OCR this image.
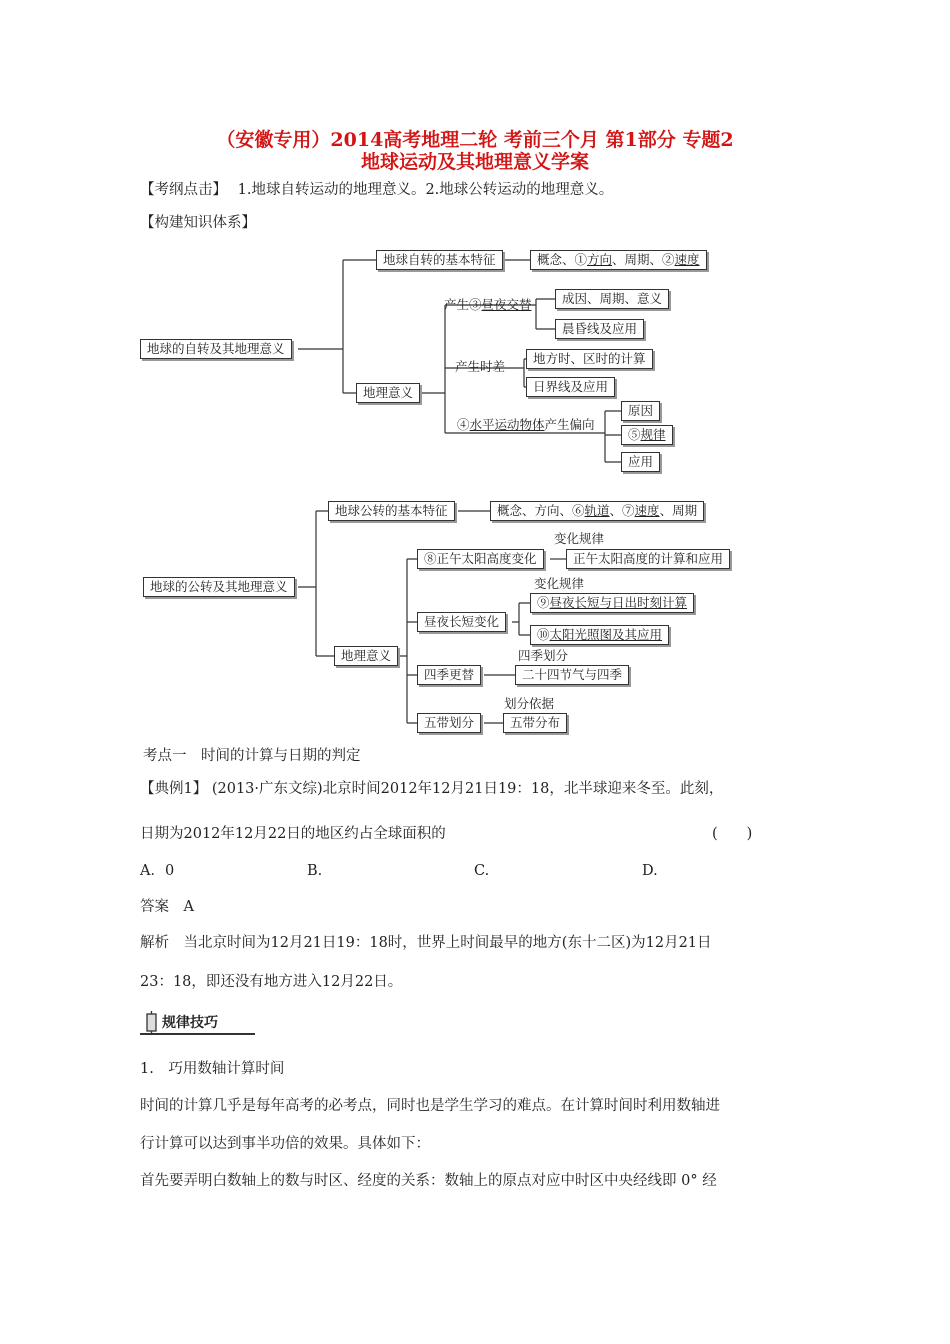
（安徽专用）2014高考地理二轮 考前三个月 第1部分 专题2
地球运动及其地理意义学案
【考纲点击】 1.地球自转运动的地理意义。2.地球公转运动的地理意义。
【构建知识体系】
地球的自转及其地理意义
地球自转的基本特征	概念、①方向、周期、②速度
地理意义
产生③昼夜交替	成因、周期、意义
晨昏线及应用
产生时差
地方时、区时的计算
日界线及应用
④水平运动物体产生偏向
原因
⑤规律
应用
地球的公转及其地理意义
地球公转的基本特征	概念、方向、⑥轨道、⑦速度、周期
地理意义
⑧正午太阳高度变化
变化规律
正午太阳高度的计算和应用
昼夜长短变化
变化规律
⑨昼夜长短与日出时刻计算
⑩太阳光照图及其应用
四季更替
四季划分
二十四节气与四季
五带划分
划分依据
五带分布
考点一　时间的计算与日期的判定
【典例1】 (2013·广东文综)北京时间2012年12月21日19：18，北半球迎来冬至。此刻，
日期为2012年12月22日的地区约占全球面积的	(　　)
A．0	B.	C.	D.
答案　A
解析　当北京时间为12月21日19：18时，世界上时间最早的地方(东十二区)为12月21日
23：18，即还没有地方进入12月22日。
规律技巧
1.　巧用数轴计算时间
时间的计算几乎是每年高考的必考点，同时也是学生学习的难点。在计算时间时利用数轴进
行计算可以达到事半功倍的效果。具体如下：
首先要弄明白数轴上的数与时区、经度的关系：数轴上的原点对应中时区中央经线即 0° 经
